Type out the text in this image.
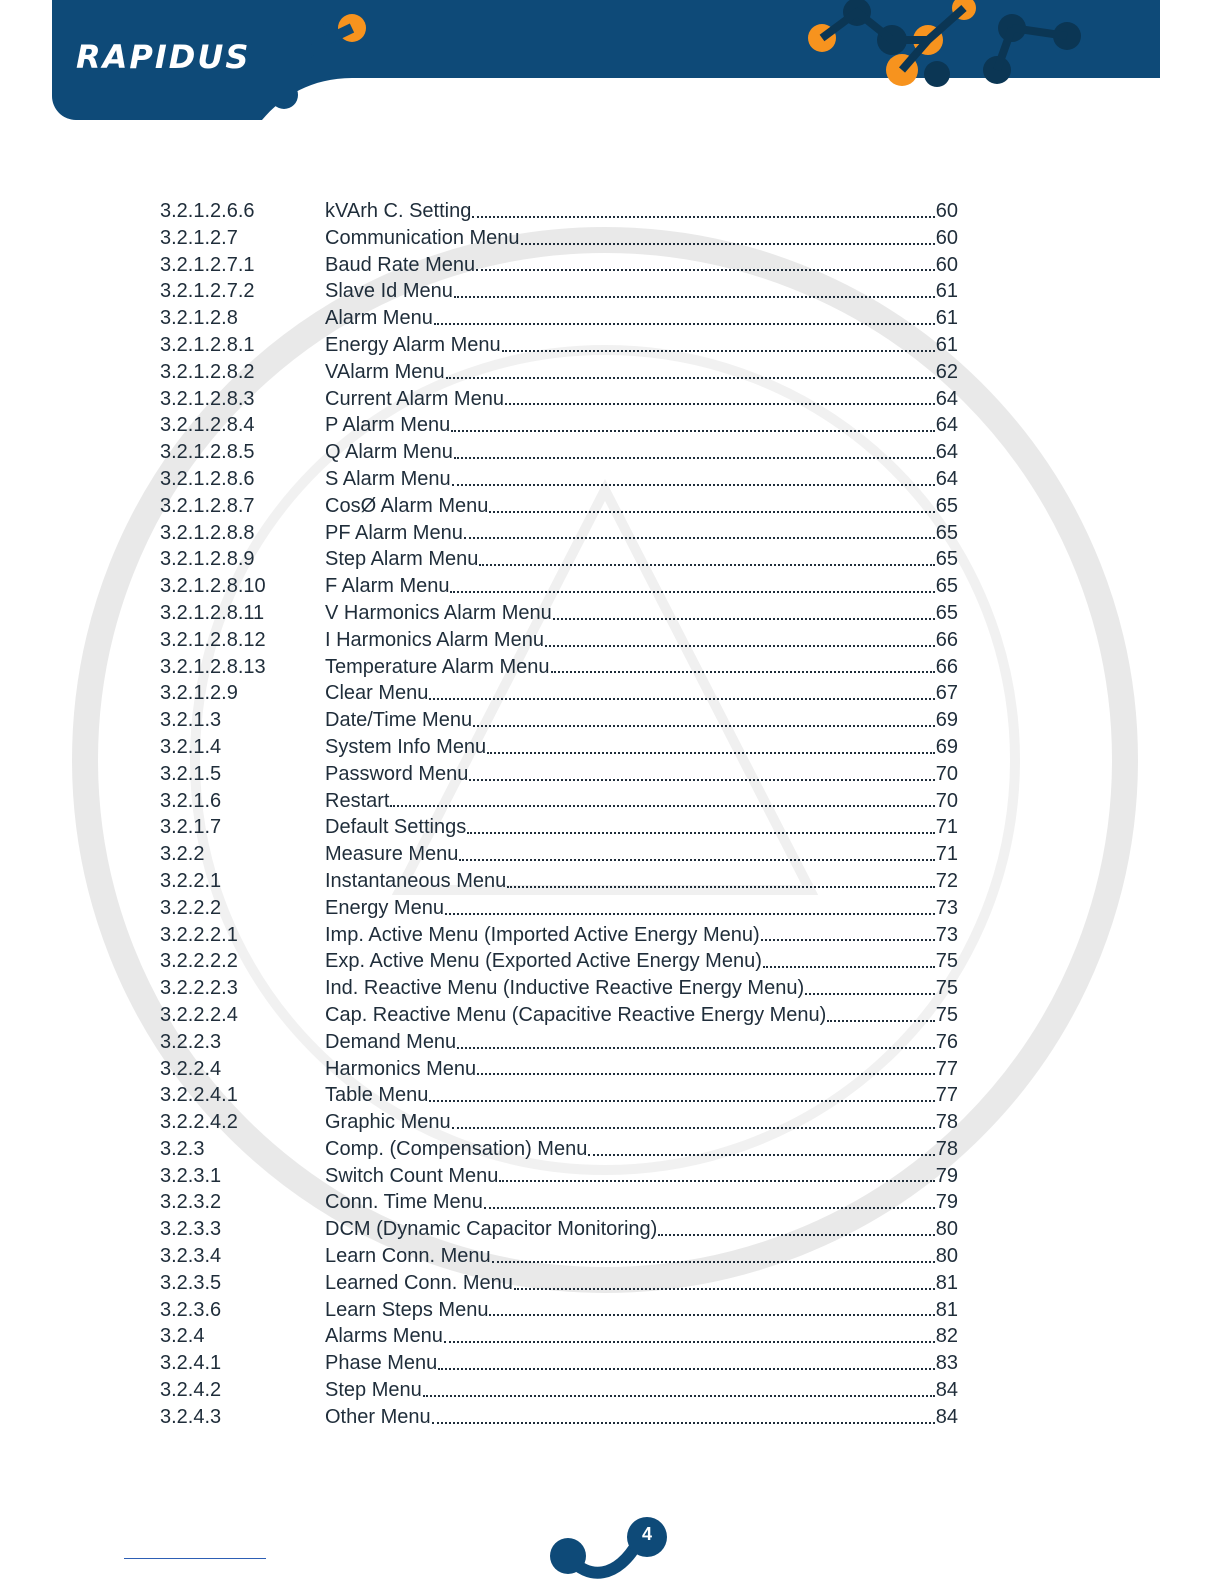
RAPIDUS
3.2.1.2.6.6	kVArh C. Setting	60
3.2.1.2.7	Communication Menu	60
3.2.1.2.7.1	Baud Rate Menu	60
3.2.1.2.7.2	Slave Id Menu	61
3.2.1.2.8	Alarm Menu	61
3.2.1.2.8.1	Energy Alarm Menu	61
3.2.1.2.8.2	VAlarm Menu	62
3.2.1.2.8.3	Current Alarm Menu	64
3.2.1.2.8.4	P Alarm Menu	64
3.2.1.2.8.5	Q Alarm Menu	64
3.2.1.2.8.6	S Alarm Menu	64
3.2.1.2.8.7	CosØ Alarm Menu	65
3.2.1.2.8.8	PF Alarm Menu	65
3.2.1.2.8.9	Step Alarm Menu	65
3.2.1.2.8.10	F Alarm Menu	65
3.2.1.2.8.11	V Harmonics Alarm Menu	65
3.2.1.2.8.12	I Harmonics Alarm Menu	66
3.2.1.2.8.13	Temperature Alarm Menu	66
3.2.1.2.9	Clear Menu	67
3.2.1.3	Date/Time Menu	69
3.2.1.4	System Info Menu	69
3.2.1.5	Password Menu	70
3.2.1.6	Restart	70
3.2.1.7	Default Settings	71
3.2.2	Measure Menu	71
3.2.2.1	Instantaneous Menu	72
3.2.2.2	Energy Menu	73
3.2.2.2.1	Imp. Active Menu (Imported Active Energy Menu)	73
3.2.2.2.2	Exp. Active Menu (Exported Active Energy Menu)	75
3.2.2.2.3	Ind. Reactive Menu (Inductive Reactive Energy Menu)	75
3.2.2.2.4	Cap. Reactive Menu (Capacitive Reactive Energy Menu)	75
3.2.2.3	Demand Menu	76
3.2.2.4	Harmonics Menu	77
3.2.2.4.1	Table Menu	77
3.2.2.4.2	Graphic Menu	78
3.2.3	Comp. (Compensation) Menu	78
3.2.3.1	Switch Count Menu	79
3.2.3.2	Conn. Time Menu	79
3.2.3.3	DCM (Dynamic Capacitor Monitoring)	80
3.2.3.4	Learn Conn. Menu	80
3.2.3.5	Learned Conn. Menu	81
3.2.3.6	Learn Steps Menu	81
3.2.4	Alarms Menu	82
3.2.4.1	Phase Menu	83
3.2.4.2	Step Menu	84
3.2.4.3	Other Menu	84
4
